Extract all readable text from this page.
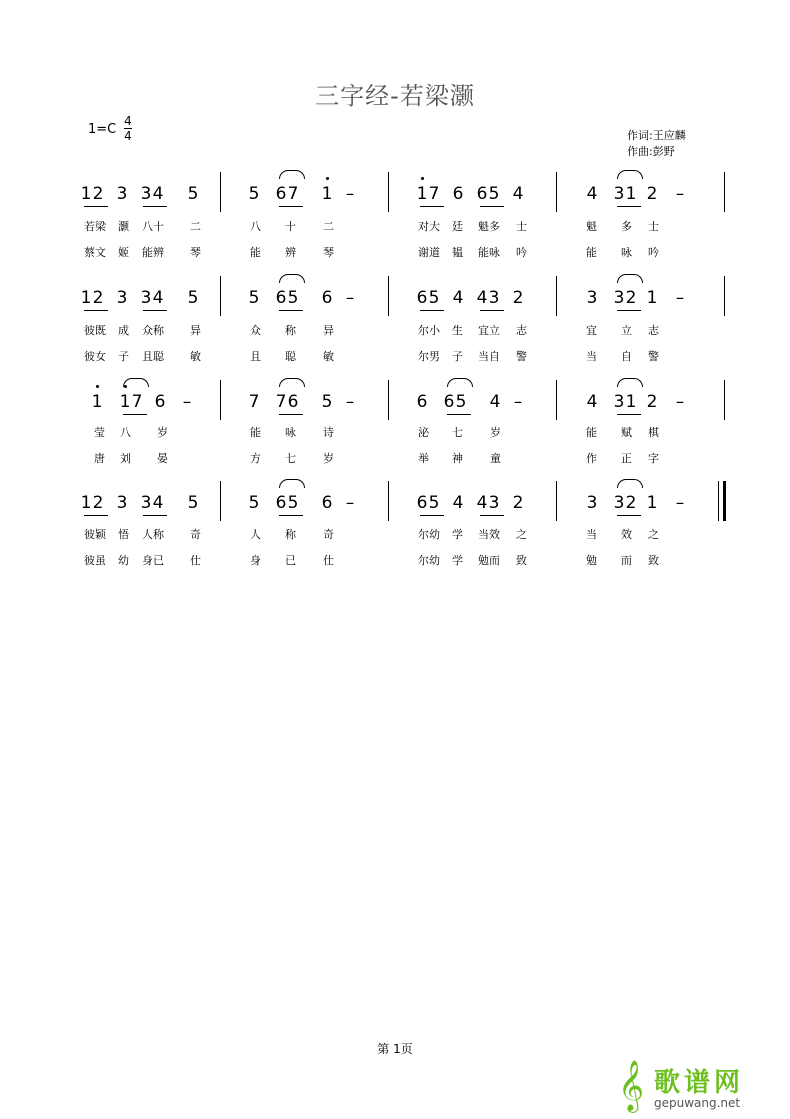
三字经-若梁灏
1=C
4
4	作词:王应麟
作曲:彭野
1 2 3 3 4 5	5 6 7 1 –	1 7 6 6 5 4	4 3 1 2 –
若梁 灏 八十 二	八 十 二	对大 廷 魁多 士	魁 多 士
蔡文 姬 能辨 琴	能 辨 琴	谢道 韫 能咏 吟	能 咏 吟
1 2 3 3 4 5	5 6 5 6 –	6 5 4 4 3 2	3 3 2 1 –
彼既 成 众称 异	众 称 异	尔小 生 宜立 志	宜 立 志
彼女 子 且聪 敏	且 聪 敏	尔男 子 当自 警	当 自 警
1 1 7 6 –	7 7 6 5 –	6 6 5 4 –	4 3 1 2 –
莹 八 岁	能 咏 诗	泌 七 岁	能 赋 棋
唐 刘 晏	方 七 岁	举 神 童	作 正 字
1 2 3 3 4 5	5 6 5 6 –	6 5 4 4 3 2	3 3 2 1 –
彼颖 悟 人称 奇	人 称 奇	尔幼 学 当效 之	当 效 之
彼虽 幼 身已 仕	身 已 仕	尔幼 学 勉而 致	勉 而 致
第 1页
𝄞 歌谱网
gepuwang.net
